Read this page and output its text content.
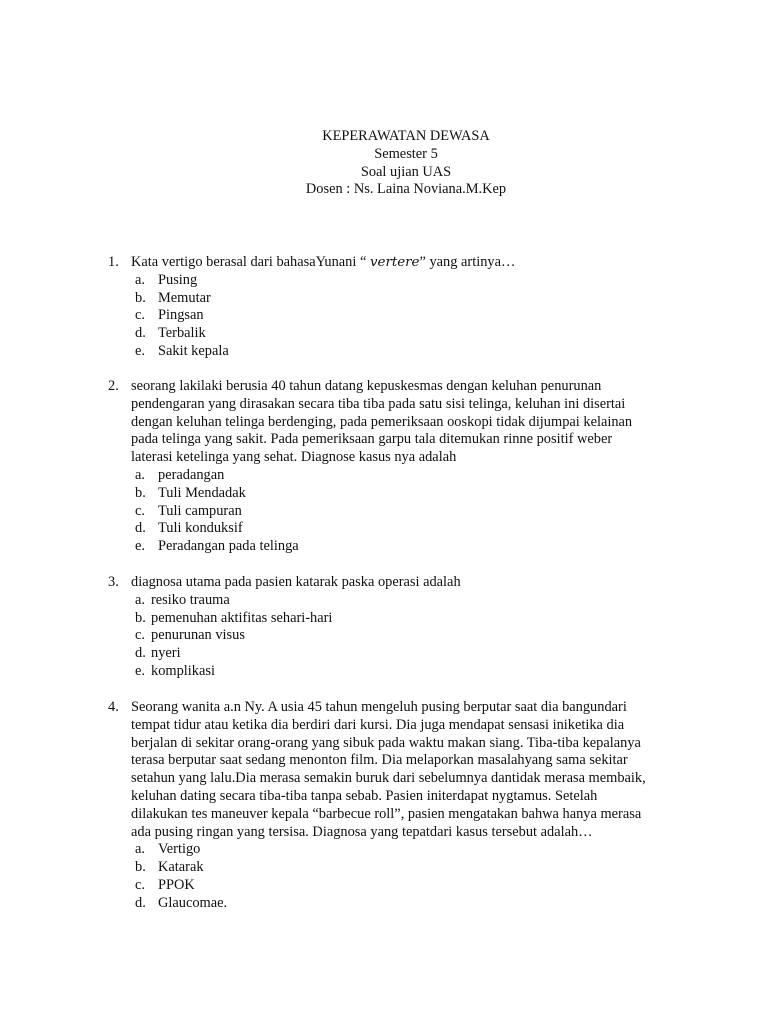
KEPERAWATAN DEWASA
Semester 5
Soal ujian UAS
Dosen : Ns. Laina Noviana.M.Kep
1. Kata vertigo berasal dari bahasaYunani “ vertere” yang artinya…
a. Pusing
b. Memutar
c. Pingsan
d. Terbalik
e. Sakit kepala
2. seorang lakilaki berusia 40 tahun datang kepuskesmas dengan keluhan penurunan
pendengaran yang dirasakan secara tiba tiba pada satu sisi telinga, keluhan ini disertai
dengan keluhan telinga berdenging, pada pemeriksaan ooskopi tidak dijumpai kelainan
pada telinga yang sakit. Pada pemeriksaan garpu tala ditemukan rinne positif weber
laterasi ketelinga yang sehat. Diagnose kasus nya adalah
a. peradangan
b. Tuli Mendadak
c. Tuli campuran
d. Tuli konduksif
e. Peradangan pada telinga
3. diagnosa utama pada pasien katarak paska operasi adalah
a. resiko trauma
b. pemenuhan aktifitas sehari-hari
c. penurunan visus
d. nyeri
e. komplikasi
4. Seorang wanita a.n Ny. A usia 45 tahun mengeluh pusing berputar saat dia bangundari
tempat tidur atau ketika dia berdiri dari kursi. Dia juga mendapat sensasi iniketika dia
berjalan di sekitar orang-orang yang sibuk pada waktu makan siang. Tiba-tiba kepalanya
terasa berputar saat sedang menonton film. Dia melaporkan masalahyang sama sekitar
setahun yang lalu.Dia merasa semakin buruk dari sebelumnya dantidak merasa membaik,
keluhan dating secara tiba-tiba tanpa sebab. Pasien initerdapat nygtamus. Setelah
dilakukan tes maneuver kepala “barbecue roll”, pasien mengatakan bahwa hanya merasa
ada pusing ringan yang tersisa. Diagnosa yang tepatdari kasus tersebut adalah…
a. Vertigo
b. Katarak
c. PPOK
d. Glaucomae.
